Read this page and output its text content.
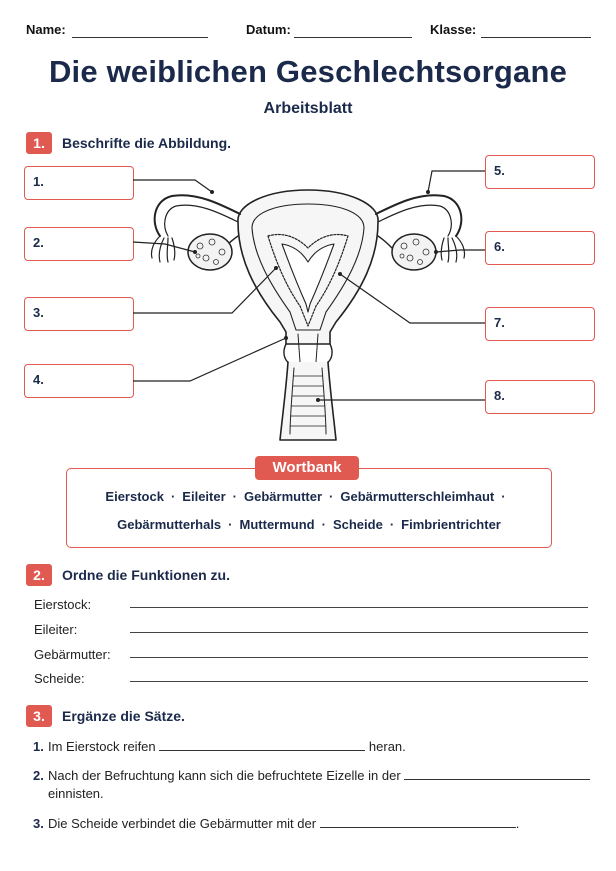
Name:	Datum:	Klasse:
Die weiblichen Geschlechtsorgane
Arbeitsblatt
1.	Beschrifte die Abbildung.
1.
2.
3.
4.
5.
6.
7.
8.
Wortbank
Eierstock · Eileiter · Gebärmutter · Gebärmutterschleimhaut ·
Gebärmutterhals · Muttermund · Scheide · Fimbrientrichter
2.	Ordne die Funktionen zu.
Eierstock:
Eileiter:
Gebärmutter:
Scheide:
3.	Ergänze die Sätze.
1. Im Eierstock reifen	heran.
2. Nach der Befruchtung kann sich die befruchtete Eizelle in der
einnisten.
3. Die Scheide verbindet die Gebärmutter mit der	.
